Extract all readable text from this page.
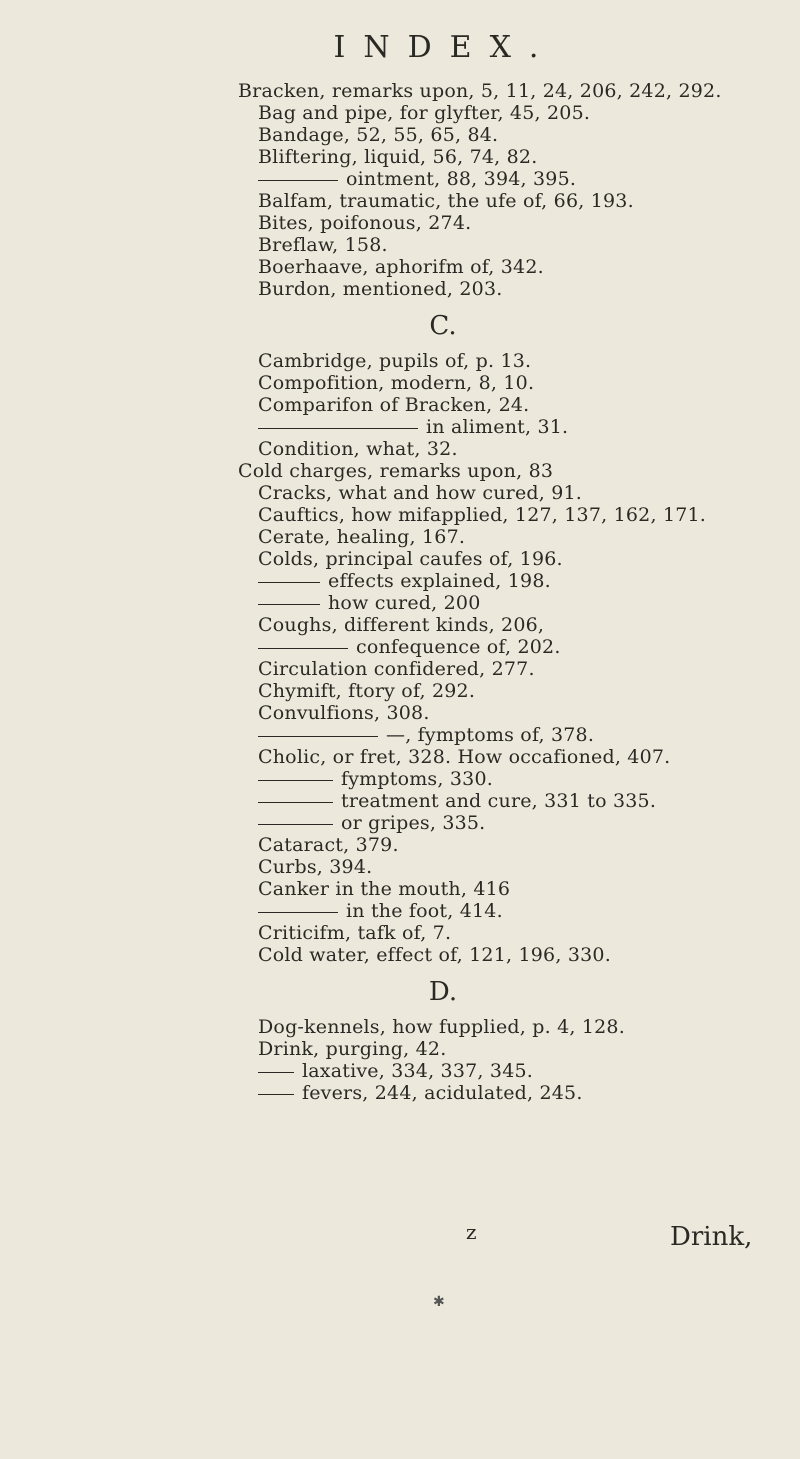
INDEX.
Bracken, remarks upon, 5, 11, 24, 206, 242, 292.
Bag and pipe, for glyfter, 45, 205.
Bandage, 52, 55, 65, 84.
Bliftering, liquid, 56, 74, 82.
ointment, 88, 394, 395.
Balfam, traumatic, the ufe of, 66, 193.
Bites, poifonous, 274.
Breflaw, 158.
Boerhaave, aphorifm of, 342.
Burdon, mentioned, 203.
C.
Cambridge, pupils of, p. 13.
Compofition, modern, 8, 10.
Comparifon of Bracken, 24.
in aliment, 31.
Condition, what, 32.
Cold charges, remarks upon, 83
Cracks, what and how cured, 91.
Cauftics, how mifapplied, 127, 137, 162, 171.
Cerate, healing, 167.
Colds, principal caufes of, 196.
effects explained, 198.
how cured, 200
Coughs, different kinds, 206,
confequence of, 202.
Circulation confidered, 277.
Chymift, ftory of, 292.
Convulfions, 308.
—, fymptoms of, 378.
Cholic, or fret, 328. How occafioned, 407.
fymptoms, 330.
treatment and cure, 331 to 335.
or gripes, 335.
Cataract, 379.
Curbs, 394.
Canker in the mouth, 416
in the foot, 414.
Criticifm, tafk of, 7.
Cold water, effect of, 121, 196, 330.
D.
Dog-kennels, how fupplied, p. 4, 128.
Drink, purging, 42.
laxative, 334, 337, 345.
fevers, 244, acidulated, 245.
z	Drink,
✱
